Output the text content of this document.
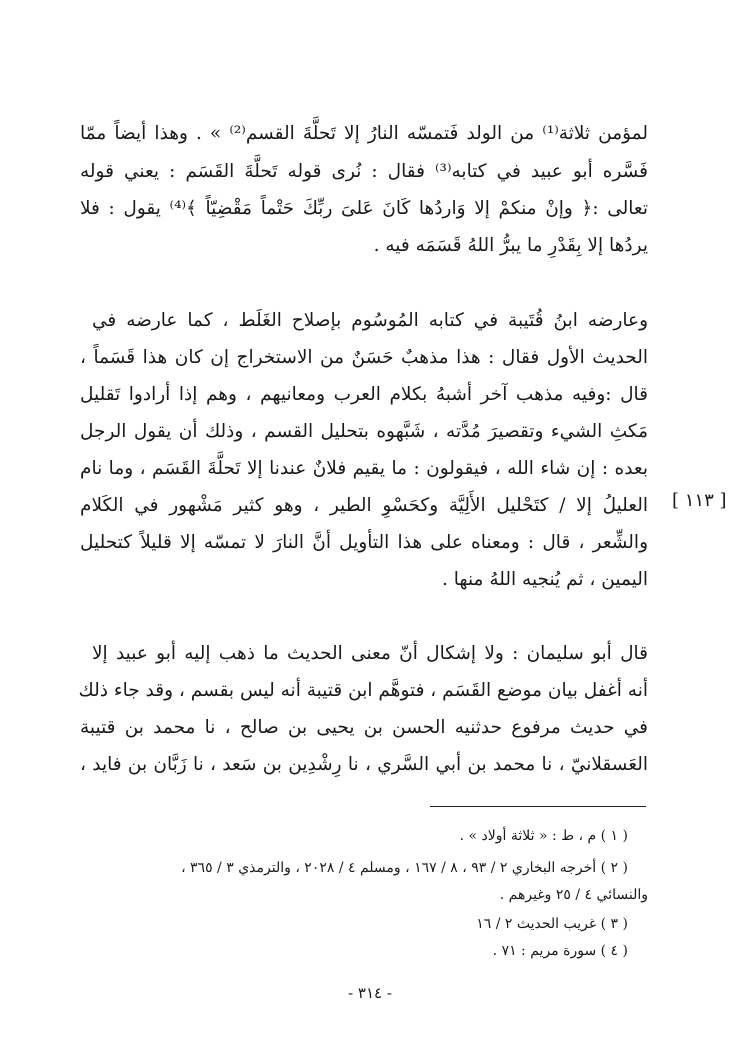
لمؤمن ثلاثة⁽¹⁾ من الولد فَتمسّه النارُ إلا تَحلَّةَ القسم⁽²⁾ » . وهذا أيضاً ممّا
فَسَّره أبو عبيد في كتابه⁽³⁾ فقال : نُرى قوله تَحلَّةَ القَسَم : يعني قوله
تعالى :﴿ وإنْ منكمْ إلا وَاردُها كَانَ عَلىَ ربِّكَ حَتْماً مَقْضِيّاً ﴾⁽⁴⁾ يقول : فلا
يردُها إلا بِقَدْرِ ما يبرُّ اللهُ قَسَمَه فيه .
وعارضه ابنُ قُتَيبة في كتابه المُوسُوم بإصلاح الغَلَط ، كما عارضه في
الحديث الأول فقال : هذا مذهبٌ حَسَنٌ من الاستخراج إن كان هذا قَسَماً ،
قال :وفيه مذهب آخر أشبهُ بكلام العرب ومعانيهم ، وهم إذا أرادوا تَقليل
مَكثِ الشيء وتقصيرَ مُدَّته ، شَبَّهوه بتحليل القسم ، وذلك أن يقول الرجل
بعده : إن شاء الله ، فيقولون : ما يقيم فلانٌ عندنا إلا تَحلَّةَ القَسَم ، وما نام
العليلُ إلا / كتَحْليل الأَلِيَّة وكحَسْوِ الطير ، وهو كثير مَشْهور في الكَلام
والشِّعر ، قال : ومعناه على هذا التأويل أنَّ النارَ لا تمسّه إلا قليلاً كتحليل
اليمين ، ثم يُنجيه اللهُ منها .
[ ١١٣ ]
قال أبو سليمان : ولا إشكال أنّ معنى الحديث ما ذهب إليه أبو عبيد إلا
أنه أغفل بيان موضع القَسَم ، فتوهَّم ابن قتيبة أنه ليس بقسم ، وقد جاء ذلك
في حديث مرفوع حدثنيه الحسن بن يحيى بن صالح ، نا محمد بن قتيبة
العَسقلانيّ ، نا محمد بن أبي السَّري ، نا رِشْدِين بن سَعد ، نا زَبَّان بن فايد ،
( ١ ) م ، ط : « ثلاثة أولاد » .
( ٢ ) أخرجه البخاري ٢ / ٩٣ ، ٨ / ١٦٧ ، ومسلم ٤ / ٢٠٢٨ ، والترمذي ٣ / ٣٦٥ ،
والنسائي ٤ / ٢٥ وغيرهم .
( ٣ ) غريب الحديث ٢ / ١٦
( ٤ ) سورة مريم : ٧١ .
- ٣١٤ -
